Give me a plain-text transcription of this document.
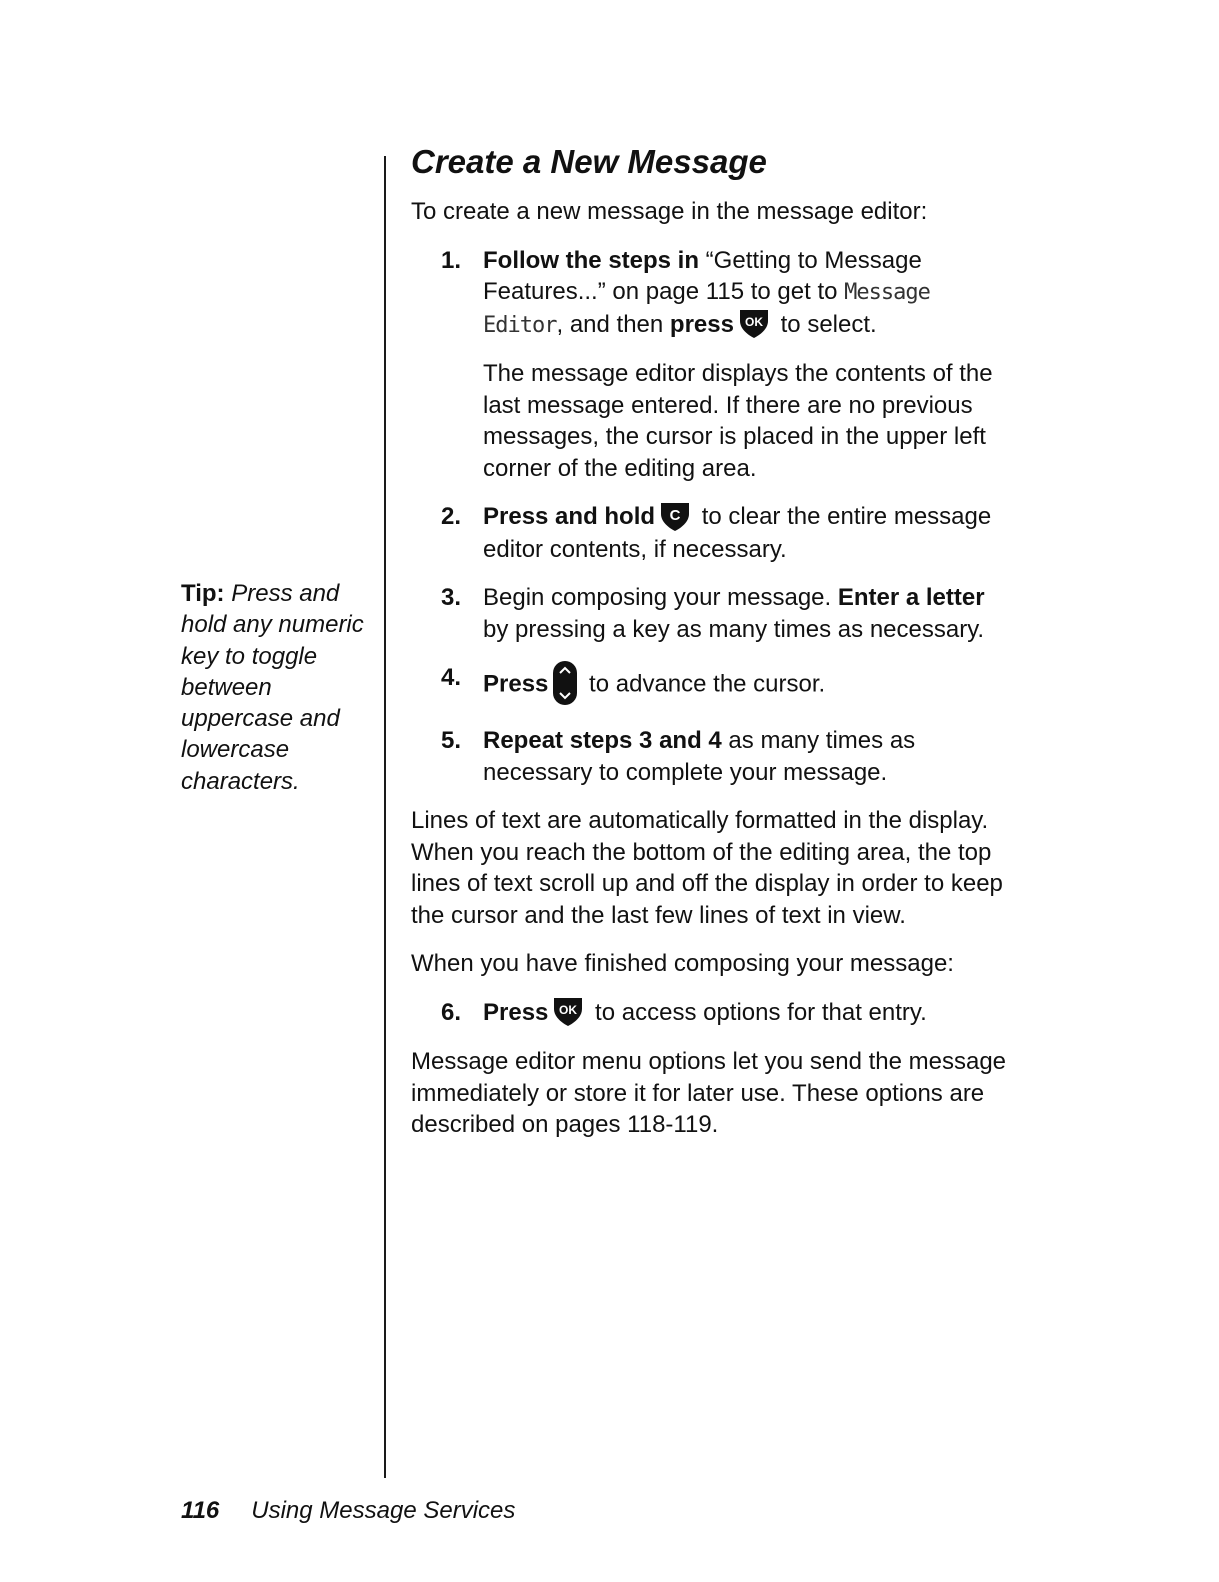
Tip: Press and hold any numeric key to toggle between uppercase and lowercase characters.
Create a New Message
To create a new message in the message editor:
1. Follow the steps in “Getting to Message Features...” on page 115 to get to Message Editor, and then press OK to select.
The message editor displays the contents of the last message entered. If there are no previous messages, the cursor is placed in the upper left corner of the editing area.
2. Press and hold C to clear the entire message editor contents, if necessary.
3. Begin composing your message. Enter a letter by pressing a key as many times as necessary.
4. Press
to advance the cursor.
5. Repeat steps 3 and 4 as many times as necessary to complete your message.
Lines of text are automatically formatted in the display. When you reach the bottom of the editing area, the top lines of text scroll up and off the display in order to keep the cursor and the last few lines of text in view.
When you have finished composing your message:
6. Press OK to access options for that entry.
Message editor menu options let you send the message immediately or store it for later use. These options are described on pages 118-119.
116 Using Message Services
